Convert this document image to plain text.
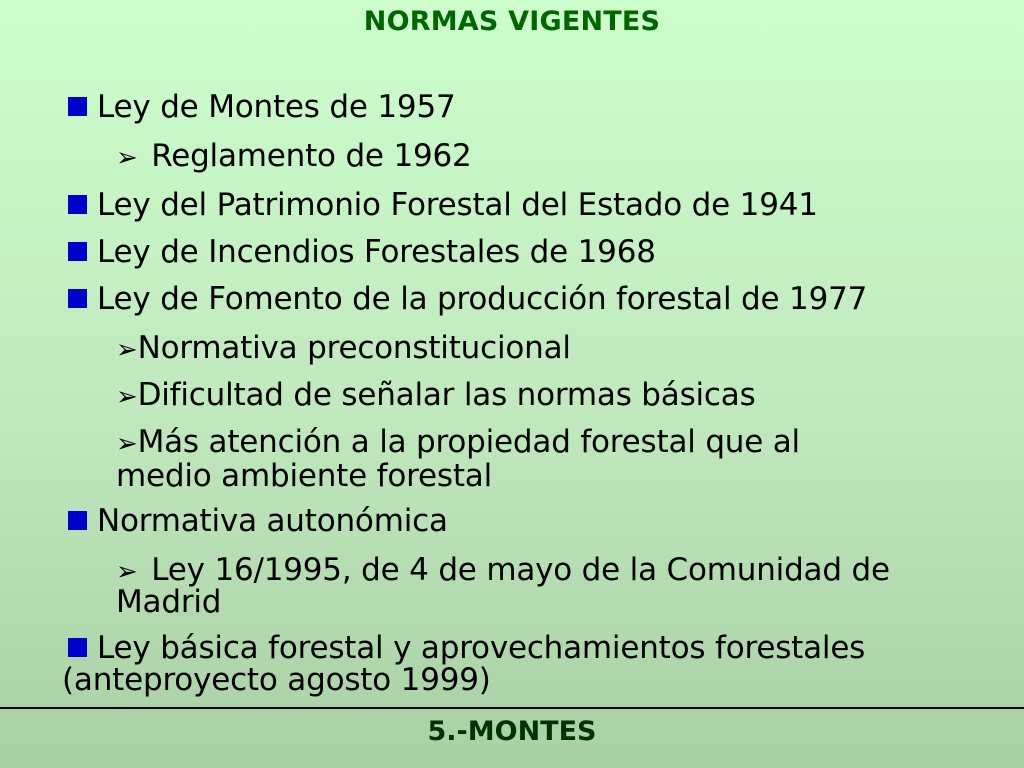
NORMAS VIGENTES
Ley de Montes de 1957
➢ Reglamento de 1962
Ley del Patrimonio Forestal del Estado de 1941
Ley de Incendios Forestales de 1968
Ley de Fomento de la producción forestal de 1977
➢Normativa preconstitucional
➢Dificultad de señalar las normas básicas
➢Más atención a la propiedad forestal que al
medio ambiente forestal
Normativa autonómica
➢ Ley 16/1995, de 4 de mayo de la Comunidad de
Madrid
Ley básica forestal y aprovechamientos forestales
(anteproyecto agosto 1999)
5.-MONTES
